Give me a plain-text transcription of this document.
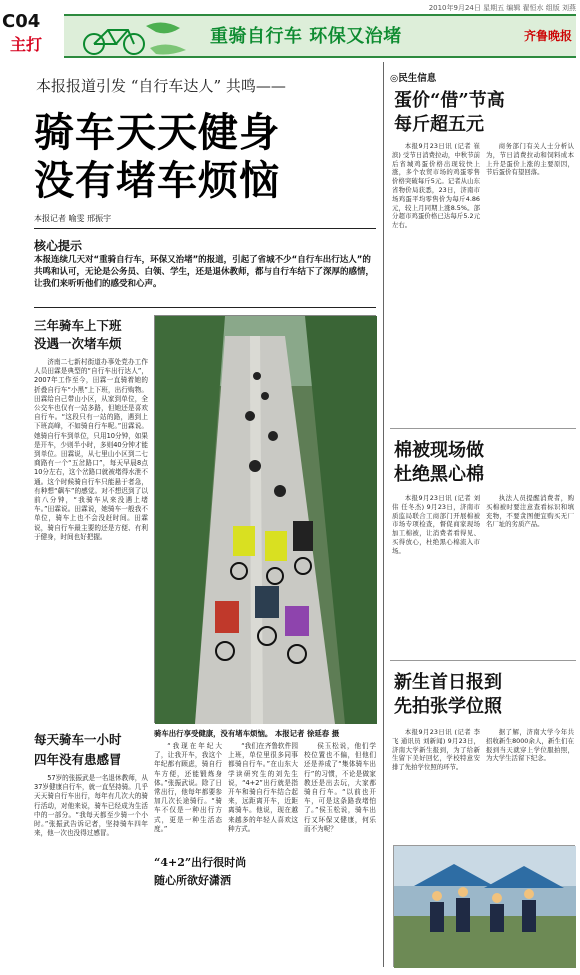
2010年9月24日 星期五 编辑 翟恒水 组版 刘燕
C04
主打	重骑自行车 环保又治堵	齐鲁晚报
本报报道引发 “自行车达人” 共鸣——
骑车天天健身
没有堵车烦恼
本报记者 喻雯 邢振宇
核心提示
本报连续几天对“重骑自行车，环保又治堵”的报道，引起了省城不少“自行车出行达人”的共鸣和认可，无论是公务员、白领、学生，还是退休教师，都与自行车结下了深厚的感情，让我们来听听他们的感受和心声。
三年骑车上下班
没遇一次堵车烦

济南二七新村街道办事处党办工作人员田霖是典型的“自行车出行达人”，2007年工作至今，田霖一直骑着她的折叠自行车“小黑”上下班，出行购物。田霖给自己带山小区，从家到单位，全公交车也仅有一站多路，但她还是喜欢自行车。“这段只有一站的路，遇到上下班高峰，不如骑自行车呢。”田霖说。她骑自行车到单位，只用10分钟，如果是开车，少则半小时，多则40分钟才能到单位。田霖说，从七里山小区到二七商路有一个“五岔路口”，每天早晨8点10分左右，这个岔路口就被堵得水泄不通。这个时候骑自行车只能悬于者急，有种想“飙车”的感觉。对不想迟到了以前八分钟，“我骑车从来没遇上堵车。”田霖说。田霖说，她骑车一般我不单位，骑车上也不会没赶时间。田霖说，骑自行车最主要的还是方便、有利于健身，时间也好把握。

每天骑车一小时
四年没有患感冒

57岁的张振武是一名退休教师，从37岁健康自行车，就一直坚持骑。几乎天天骑自行车出行，每年有几次大的骑行活动，对他来说，骑车已经成为生活中的一部分。“我每天都至少骑一个小时。”张振武告诉记者，坚持骑车四年来，他一次也没得过感冒。

骑车出行享受健康，没有堵车烦恼。 本报记者 徐延春 摄

“我现在年纪大了，让我开车，我这个年纪都有顾虑，骑自行车方便，还能锻炼身体。”张振武说。除了日常出行，他每年都要参加几次长途骑行。“骑车不仅是一种出行方式，更是一种生活态度。”

“4+2”出行很时尚
随心所欲好潇洒

“我们在齐鲁软件园上班，单位里很多同事都骑自行车。”在山东大学读研究生的刘先生说，“4+2”出行就是指开车和骑自行车结合起来，远距离开车，近距离骑车。他说，现在越来越多的年轻人喜欢这种方式。

侯玉松说，他们学校位置也不偏，但他们还是养成了“集体骑车出行”的习惯，不论是做家教还是出去玩，大家都骑自行车。“以前也开车，可是这条路我堵怕了。”侯玉松说，骑车出行又环保又健康，何乐而不为呢？

◎民生信息
蛋价“借”节高
每斤超五元

本报9月23日讯 (记者 崔滨) 受节日消费拉动，中秋节前后省城鸡蛋价格出现较快上涨，多个农贸市场的鸡蛋零售价格突破每斤5元。记者从山东省物价局获悉，23日，济南市场鸡蛋平均零售价为每斤4.86元，较上月同期上涨8.5%。部分超市鸡蛋价格已达每斤5.2元左右。

商务部门有关人士分析认为，节日消费拉动和饲料成本上升是蛋价上涨的主要原因，节后蛋价有望回落。

棉被现场做
杜绝黑心棉

本报9月23日讯 (记者 刘伟 任冬杰) 9月23日，济南市质监局联合工商部门开展棉被市场专项检查，督促商家现场加工棉被，让消费者看得见、买得放心，杜绝黑心棉流入市场。

执法人员提醒消费者，购买棉被时要注意查看标识和填充物，不要贪图便宜购买无厂名厂址的劣质产品。

新生首日报到
先拍张学位照

本报9月23日讯 (记者 李飞 通讯员 刘新闻) 9月23日，济南大学新生报到，为了给新生留下美好回忆，学校特意安排了先拍学位照的环节。

据了解，济南大学今年共招收新生8000余人，新生们在报到当天就穿上学位服拍照，为大学生活留下纪念。
